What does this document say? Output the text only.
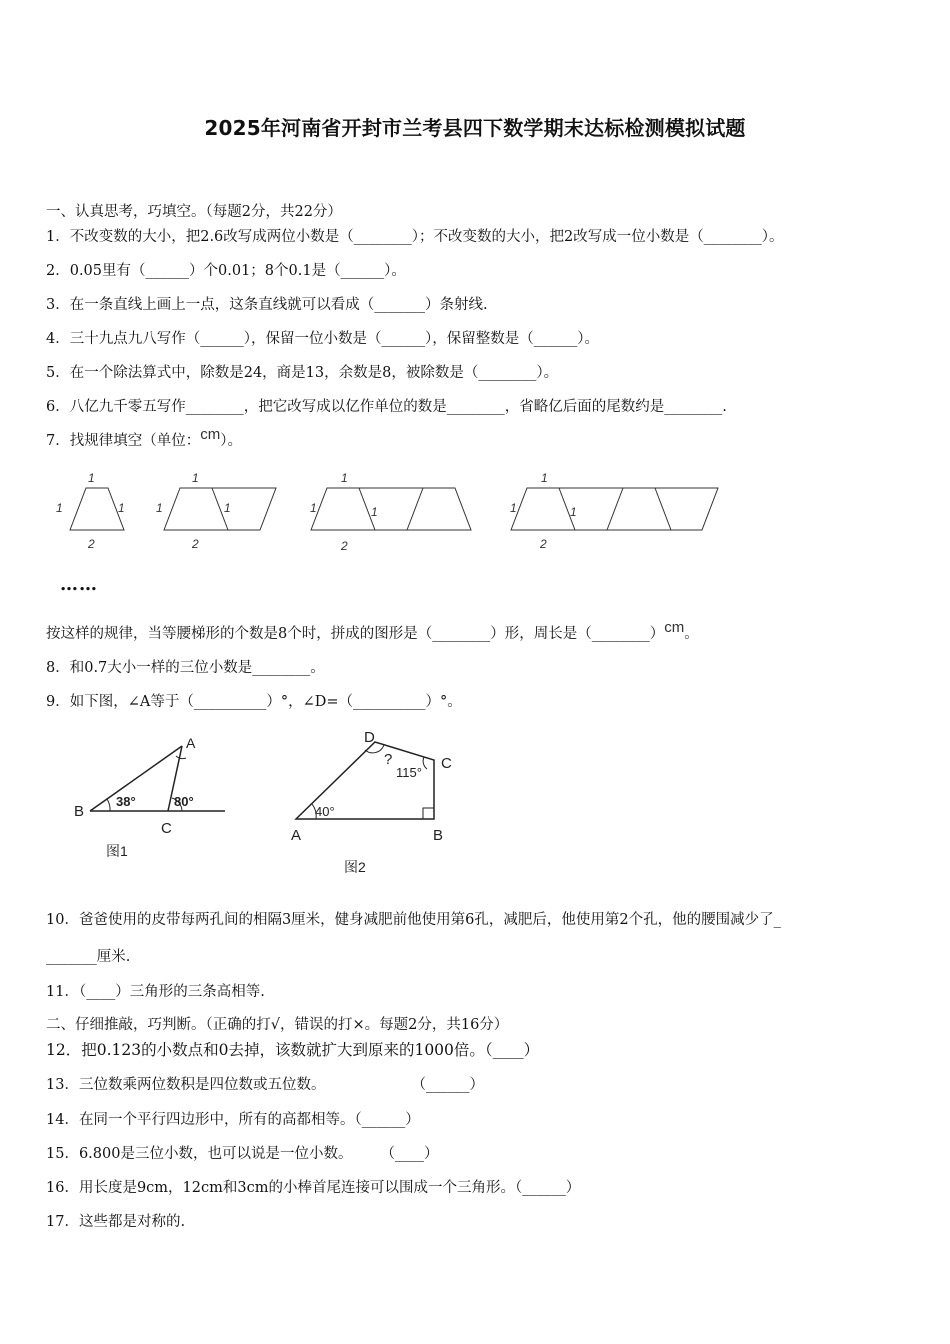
2025年河南省开封市兰考县四下数学期末达标检测模拟试题
一、认真思考，巧填空。（每题2分，共22分）
1．不改变数的大小，把2.6改写成两位小数是（________）；不改变数的大小，把2改写成一位小数是（________）。
2．0.05里有（______）个0.01；8个0.1是（______）。
3．在一条直线上画上一点，这条直线就可以看成（_______）条射线.
4．三十九点九八写作（______），保留一位小数是（______），保留整数是（______）。
5．在一个除法算式中，除数是24，商是13，余数是8，被除数是（________）。
6．八亿九千零五写作________，把它改写成以亿作单位的数是________，省略亿后面的尾数约是________.
7．找规律填空（单位：cm）。
1
1	1
2
1
1	1
2
1
1	1
2
1
1	1
2
……
按这样的规律，当等腰梯形的个数是8个时，拼成的图形是（________）形，周长是（________）cm。
8．和0.7大小一样的三位小数是________。
9．如下图，∠A等于（__________）°，∠D=（__________）°。
B
A
C
38°	80°
图1
A	B
C
D
40°
115°
?
图2
10．爸爸使用的皮带每两孔间的相隔3厘米，健身减肥前他使用第6孔，减肥后，他使用第2个孔，他的腰围减少了_
_______厘米.
11．（____）三角形的三条高相等.
二、仔细推敲，巧判断。（正确的打√，错误的打×。每题2分，共16分）
12．把0.123的小数点和0去掉，该数就扩大到原来的1000倍。（____）
13．三位数乘两位数积是四位数或五位数。	（______）
14．在同一个平行四边形中，所有的高都相等。（______）
15．6.800是三位小数，也可以说是一位小数。 （____）
16．用长度是9cm，12cm和3cm的小棒首尾连接可以围成一个三角形。（______）
17．这些都是对称的.
